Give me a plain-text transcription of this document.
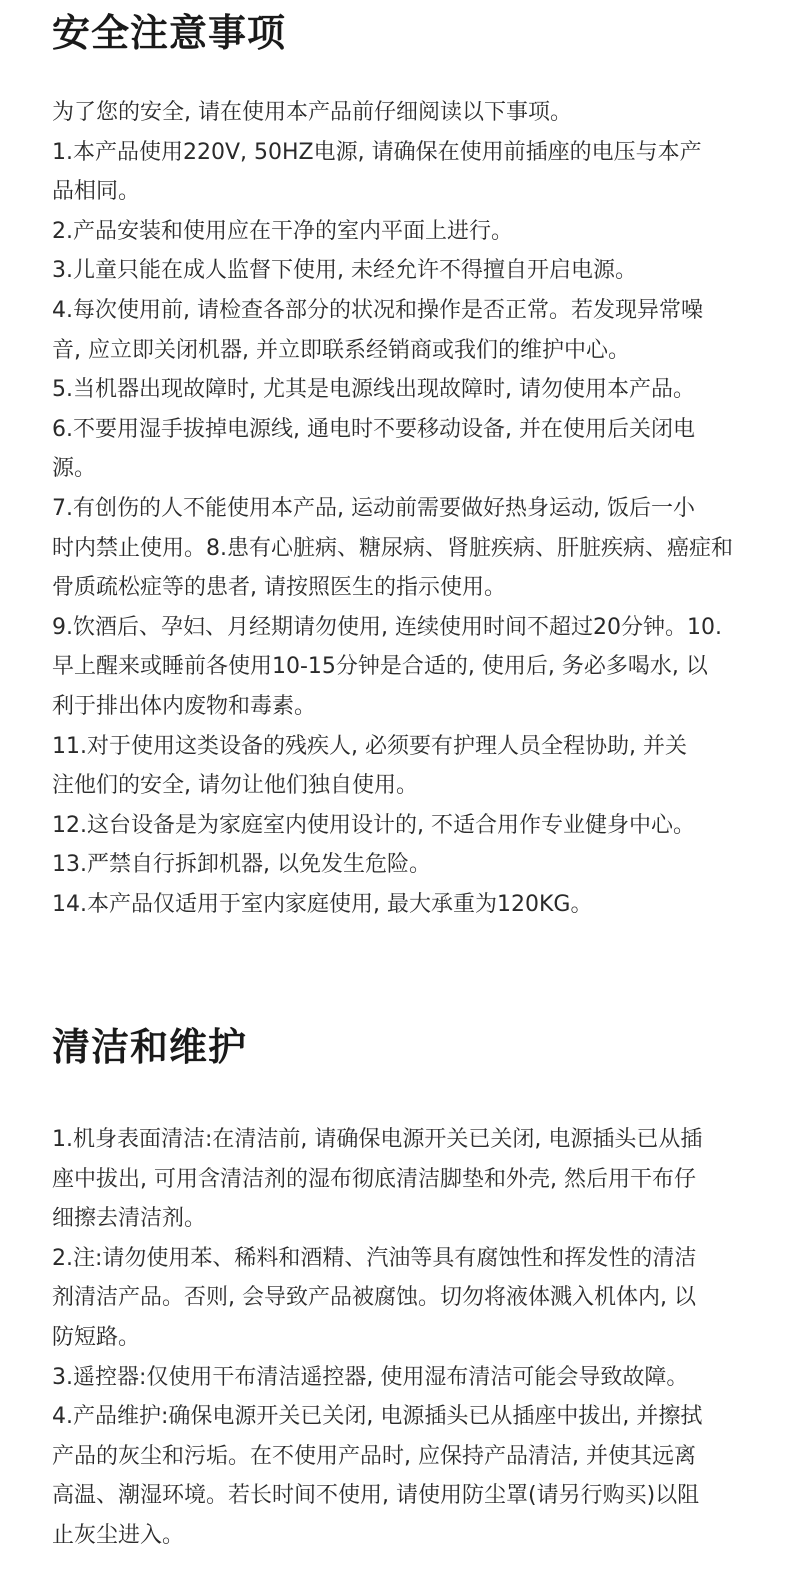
安全注意事项
为了您的安全, 请在使用本产品前仔细阅读以下事项。
1.本产品使用220V, 50HZ电源, 请确保在使用前插座的电压与本产
品相同。
2.产品安装和使用应在干净的室内平面上进行。
3.儿童只能在成人监督下使用, 未经允许不得擅自开启电源。
4.每次使用前, 请检查各部分的状况和操作是否正常。若发现异常噪
音, 应立即关闭机器, 并立即联系经销商或我们的维护中心。
5.当机器出现故障时, 尤其是电源线出现故障时, 请勿使用本产品。
6.不要用湿手拔掉电源线, 通电时不要移动设备, 并在使用后关闭电
源。
7.有创伤的人不能使用本产品, 运动前需要做好热身运动, 饭后一小
时内禁止使用。8.患有心脏病、糖尿病、肾脏疾病、肝脏疾病、癌症和
骨质疏松症等的患者, 请按照医生的指示使用。
9.饮酒后、孕妇、月经期请勿使用, 连续使用时间不超过20分钟。10.
早上醒来或睡前各使用10-15分钟是合适的, 使用后, 务必多喝水, 以
利于排出体内废物和毒素。
11.对于使用这类设备的残疾人, 必须要有护理人员全程协助, 并关
注他们的安全, 请勿让他们独自使用。
12.这台设备是为家庭室内使用设计的, 不适合用作专业健身中心。
13.严禁自行拆卸机器, 以免发生危险。
14.本产品仅适用于室内家庭使用, 最大承重为120KG。
清洁和维护
1.机身表面清洁:在清洁前, 请确保电源开关已关闭, 电源插头已从插
座中拔出, 可用含清洁剂的湿布彻底清洁脚垫和外壳, 然后用干布仔
细擦去清洁剂。
2.注:请勿使用苯、稀料和酒精、汽油等具有腐蚀性和挥发性的清洁
剂清洁产品。否则, 会导致产品被腐蚀。切勿将液体溅入机体内, 以
防短路。
3.遥控器:仅使用干布清洁遥控器, 使用湿布清洁可能会导致故障。
4.产品维护:确保电源开关已关闭, 电源插头已从插座中拔出, 并擦拭
产品的灰尘和污垢。在不使用产品时, 应保持产品清洁, 并使其远离
高温、潮湿环境。若长时间不使用, 请使用防尘罩(请另行购买)以阻
止灰尘进入。
